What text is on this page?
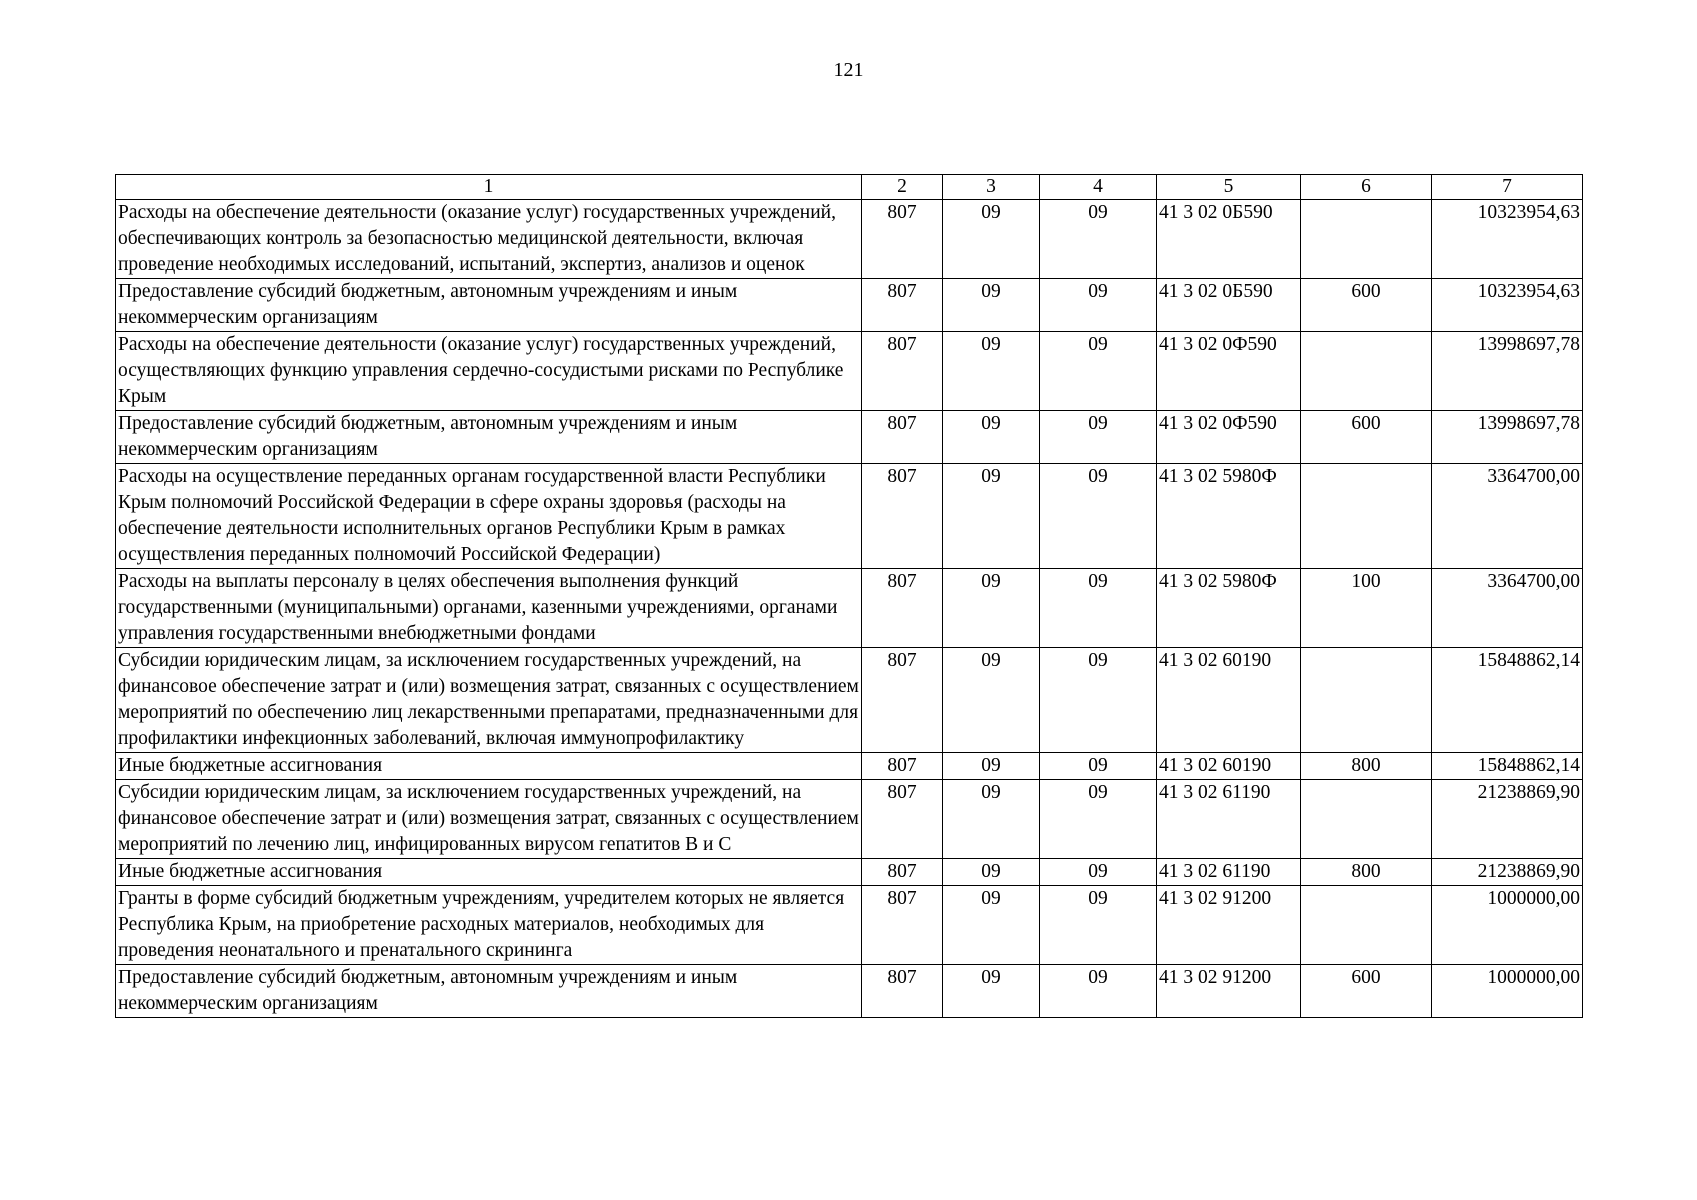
121
1	2	3	4	5	6	7
Расходы на обеспечение деятельности (оказание услуг) государственных учреждений, обеспечивающих контроль за безопасностью медицинской деятельности, включая проведение необходимых исследований, испытаний, экспертиз, анализов и оценок	807	09	09	41 3 02 0Б590		10323954,63
Предоставление субсидий бюджетным, автономным учреждениям и иным некоммерческим организациям	807	09	09	41 3 02 0Б590	600	10323954,63
Расходы на обеспечение деятельности (оказание услуг) государственных учреждений, осуществляющих функцию управления сердечно-сосудистыми рисками по Республике Крым	807	09	09	41 3 02 0Ф590		13998697,78
Предоставление субсидий бюджетным, автономным учреждениям и иным некоммерческим организациям	807	09	09	41 3 02 0Ф590	600	13998697,78
Расходы на осуществление переданных органам государственной власти Республики Крым полномочий Российской Федерации в сфере охраны здоровья (расходы на обеспечение деятельности исполнительных органов Республики Крым в рамках осуществления переданных полномочий Российской Федерации)	807	09	09	41 3 02 5980Ф		3364700,00
Расходы на выплаты персоналу в целях обеспечения выполнения функций государственными (муниципальными) органами, казенными учреждениями, органами управления государственными внебюджетными фондами	807	09	09	41 3 02 5980Ф	100	3364700,00
Субсидии юридическим лицам, за исключением государственных учреждений, на финансовое обеспечение затрат и (или) возмещения затрат, связанных с осуществлением мероприятий по обеспечению лиц лекарственными препаратами, предназначенными для профилактики инфекционных заболеваний, включая иммунопрофилактику	807	09	09	41 3 02 60190		15848862,14
Иные бюджетные ассигнования	807	09	09	41 3 02 60190	800	15848862,14
Субсидии юридическим лицам, за исключением государственных учреждений, на финансовое обеспечение затрат и (или) возмещения затрат, связанных с осуществлением мероприятий по лечению лиц, инфицированных вирусом гепатитов В и С	807	09	09	41 3 02 61190		21238869,90
Иные бюджетные ассигнования	807	09	09	41 3 02 61190	800	21238869,90
Гранты в форме субсидий бюджетным учреждениям, учредителем которых не является Республика Крым, на приобретение расходных материалов, необходимых для проведения неонатального и пренатального скрининга	807	09	09	41 3 02 91200		1000000,00
Предоставление субсидий бюджетным, автономным учреждениям и иным некоммерческим организациям	807	09	09	41 3 02 91200	600	1000000,00
